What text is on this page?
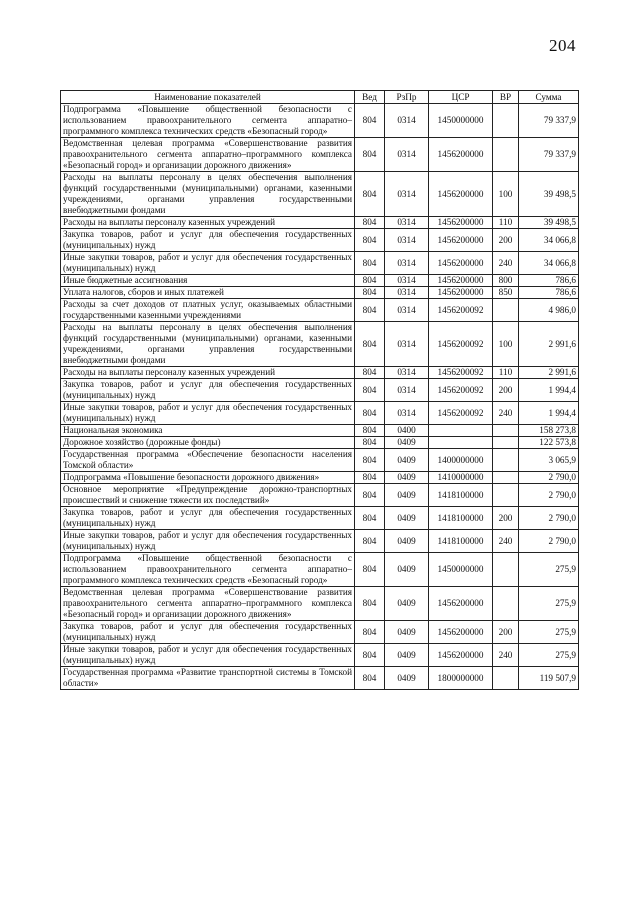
204
Наименование показателей	Вед	РзПр	ЦСР	ВР	Сумма
Подпрограмма «Повышение общественной безопасности с использованием правоохранительного сегмента аппаратно–программного комплекса технических средств «Безопасный город»	804	0314	1450000000		79 337,9
Ведомственная целевая программа «Совершенствование развития правоохранительного сегмента аппаратно–программного комплекса «Безопасный город» и организации дорожного движения»	804	0314	1456200000		79 337,9
Расходы на выплаты персоналу в целях обеспечения выполнения функций государственными (муниципальными) органами, казенными учреждениями, органами управления государственными внебюджетными фондами	804	0314	1456200000	100	39 498,5
Расходы на выплаты персоналу казенных учреждений	804	0314	1456200000	110	39 498,5
Закупка товаров, работ и услуг для обеспечения государственных (муниципальных) нужд	804	0314	1456200000	200	34 066,8
Иные закупки товаров, работ и услуг для обеспечения государственных (муниципальных) нужд	804	0314	1456200000	240	34 066,8
Иные бюджетные ассигнования	804	0314	1456200000	800	786,6
Уплата налогов, сборов и иных платежей	804	0314	1456200000	850	786,6
Расходы за счет доходов от платных услуг, оказываемых областными государственными казенными учреждениями	804	0314	1456200092		4 986,0
Расходы на выплаты персоналу в целях обеспечения выполнения функций государственными (муниципальными) органами, казенными учреждениями, органами управления государственными внебюджетными фондами	804	0314	1456200092	100	2 991,6
Расходы на выплаты персоналу казенных учреждений	804	0314	1456200092	110	2 991,6
Закупка товаров, работ и услуг для обеспечения государственных (муниципальных) нужд	804	0314	1456200092	200	1 994,4
Иные закупки товаров, работ и услуг для обеспечения государственных (муниципальных) нужд	804	0314	1456200092	240	1 994,4
Национальная экономика	804	0400			158 273,8
Дорожное хозяйство (дорожные фонды)	804	0409			122 573,8
Государственная программа «Обеспечение безопасности населения Томской области»	804	0409	1400000000		3 065,9
Подпрограмма «Повышение безопасности дорожного движения»	804	0409	1410000000		2 790,0
Основное мероприятие «Предупреждение дорожно-транспортных происшествий и снижение тяжести их последствий»	804	0409	1418100000		2 790,0
Закупка товаров, работ и услуг для обеспечения государственных (муниципальных) нужд	804	0409	1418100000	200	2 790,0
Иные закупки товаров, работ и услуг для обеспечения государственных (муниципальных) нужд	804	0409	1418100000	240	2 790,0
Подпрограмма «Повышение общественной безопасности с использованием правоохранительного сегмента аппаратно–программного комплекса технических средств «Безопасный город»	804	0409	1450000000		275,9
Ведомственная целевая программа «Совершенствование развития правоохранительного сегмента аппаратно–программного комплекса «Безопасный город» и организации дорожного движения»	804	0409	1456200000		275,9
Закупка товаров, работ и услуг для обеспечения государственных (муниципальных) нужд	804	0409	1456200000	200	275,9
Иные закупки товаров, работ и услуг для обеспечения государственных (муниципальных) нужд	804	0409	1456200000	240	275,9
Государственная программа «Развитие транспортной системы в Томской области»	804	0409	1800000000		119 507,9
